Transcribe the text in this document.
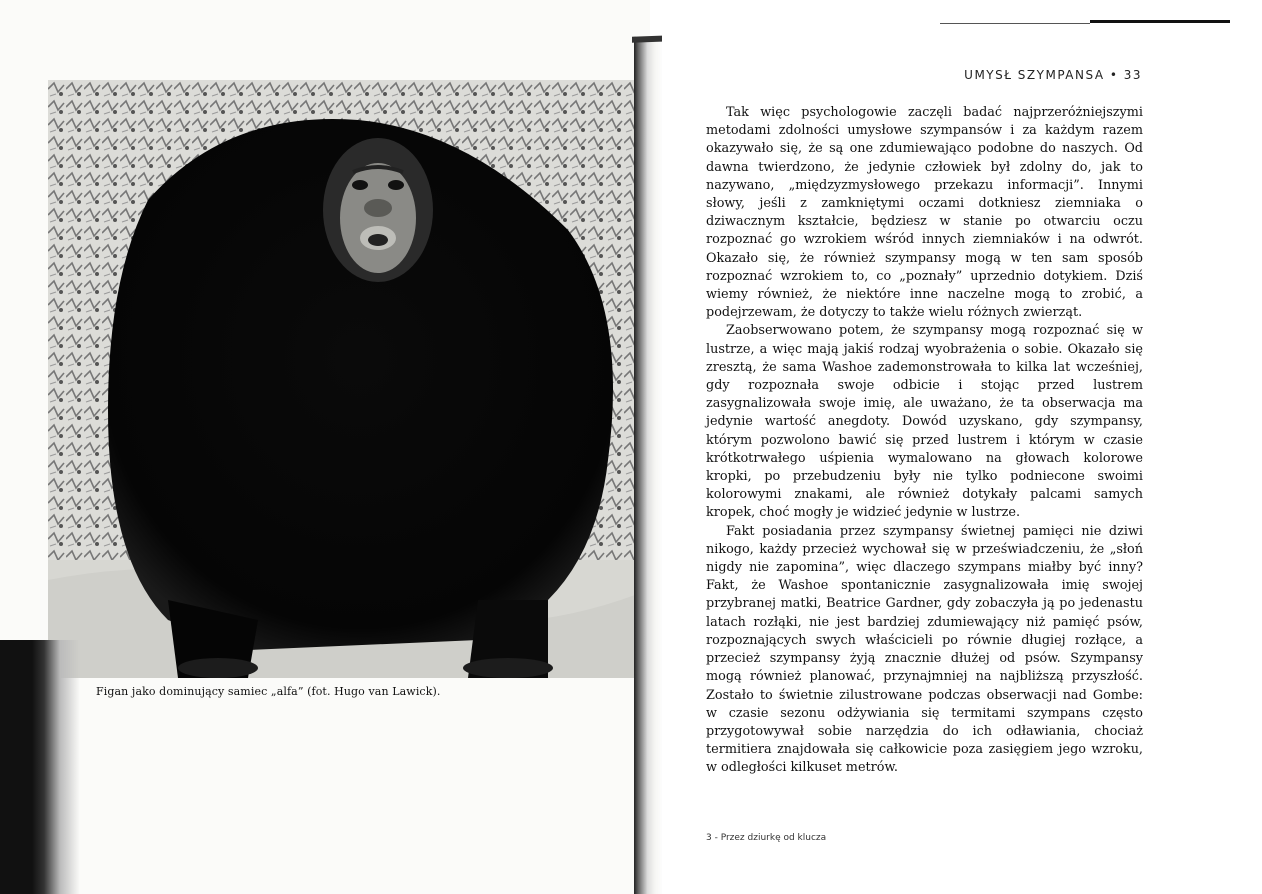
Figan jako dominujący samiec „alfa” (fot. Hugo van Lawick).
UMYSŁ SZYMPANSA • 33

Tak więc psychologowie zaczęli badać najprzeróżniejszymi metodami zdolności umysłowe szympansów i za każdym razem okazywało się, że są one zdumiewająco podobne do naszych. Od dawna twierdzono, że jedynie człowiek był zdolny do, jak to nazywano, „międzyzmysłowego przekazu informacji”. Innymi słowy, jeśli z zamkniętymi oczami dotkniesz ziemniaka o dziwacznym kształcie, będziesz w stanie po otwarciu oczu rozpoznać go wzrokiem wśród innych ziemniaków i na odwrót. Okazało się, że również szympansy mogą w ten sam sposób rozpoznać wzrokiem to, co „poznały” uprzednio dotykiem. Dziś wiemy również, że niektóre inne naczelne mogą to zrobić, a podejrzewam, że dotyczy to także wielu różnych zwierząt.

Zaobserwowano potem, że szympansy mogą rozpoznać się w lustrze, a więc mają jakiś rodzaj wyobrażenia o sobie. Okazało się zresztą, że sama Washoe zademonstrowała to kilka lat wcześniej, gdy rozpoznała swoje odbicie i stojąc przed lustrem zasygnalizowała swoje imię, ale uważano, że ta obserwacja ma jedynie wartość anegdoty. Dowód uzyskano, gdy szympansy, którym pozwolono bawić się przed lustrem i którym w czasie krótkotrwałego uśpienia wymalowano na głowach kolorowe kropki, po przebudzeniu były nie tylko podniecone swoimi kolorowymi znakami, ale również dotykały palcami samych kropek, choć mogły je widzieć jedynie w lustrze.

Fakt posiadania przez szympansy świetnej pamięci nie dziwi nikogo, każdy przecież wychował się w przeświadczeniu, że „słoń nigdy nie zapomina”, więc dlaczego szympans miałby być inny? Fakt, że Washoe spontanicznie zasygnalizowała imię swojej przybranej matki, Beatrice Gardner, gdy zobaczyła ją po jedenastu latach rozłąki, nie jest bardziej zdumiewający niż pamięć psów, rozpoznających swych właścicieli po równie długiej rozłące, a przecież szympansy żyją znacznie dłużej od psów. Szympansy mogą również planować, przynajmniej na najbliższą przyszłość. Zostało to świetnie zilustrowane podczas obserwacji nad Gombe: w czasie sezonu odżywiania się termitami szympans często przygotowywał sobie narzędzia do ich odławiania, chociaż termitiera znajdowała się całkowicie poza zasięgiem jego wzroku, w odległości kilkuset metrów.

3 - Przez dziurkę od klucza
